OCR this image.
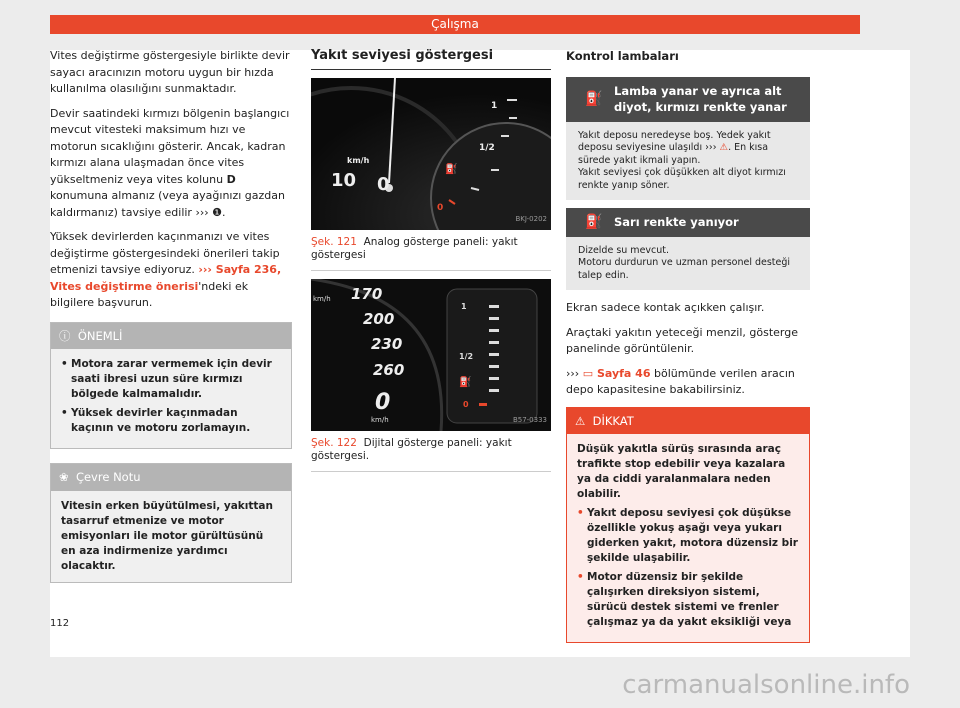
Çalışma

Vites değiştirme göstergesiyle birlikte devir sayacı aracınızın motoru uygun bir hızda kullanılma olasılığını sunmaktadır.

Devir saatindeki kırmızı bölgenin başlangıcı mevcut vitesteki maksimum hızı ve motorun sıcaklığını gösterir. Ancak, kadran kırmızı alana ulaşmadan önce vites yükseltmeniz veya vites kolunu D konumuna almanız (veya ayağınızı gazdan kaldırmanız) tavsiye edilir ››› ❶.

Yüksek devirlerden kaçınmanızı ve vites değiştirme göstergesindeki önerileri takip etmenizi tavsiye ediyoruz. ››› Sayfa 236, Vites değiştirme önerisi'ndeki ek bilgilere başvurun.

ⓘ ÖNEMLİ
• Motora zarar vermemek için devir saati ibresi uzun süre kırmızı bölgede kalmamalıdır.
• Yüksek devirler kaçınmadan kaçının ve motoru zorlamayın.
❀ Çevre Notu
Vitesin erken büyütülmesi, yakıttan tasarruf etmenize ve motor emisyonları ile motor gürültüsünü en aza indirmenize yardımcı olacaktır.
Yakıt seviyesi göstergesi
1
1/2
0
km/h
10 0
⛽
BKJ-0202
Şek. 121 Analog gösterge paneli: yakıt göstergesi
170
200
230
260
0
km/h
km/h
1
1/2
0
⛽
B57-0333
Şek. 122 Dijital gösterge paneli: yakıt göstergesi.
Kontrol lambaları
⛽
Lamba yanar ve ayrıca alt diyot, kırmızı renkte yanar
Yakıt deposu neredeyse boş. Yedek yakıt deposu seviyesine ulaşıldı ››› ⚠. En kısa sürede yakıt ikmali yapın.
Yakıt seviyesi çok düşükken alt diyot kırmızı renkte yanıp söner.
⛽ Sarı renkte yanıyor
Dizelde su mevcut.
Motoru durdurun ve uzman personel desteği talep edin.

Ekran sadece kontak açıkken çalışır.

Araçtaki yakıtın yeteceği menzil, gösterge panelinde görüntülenir.

››› ▭ Sayfa 46 bölümünde verilen aracın depo kapasitesine bakabilirsiniz.

⚠ DİKKAT
Düşük yakıtla sürüş sırasında araç trafikte stop edebilir veya kazalara ya da ciddi yaralanmalara neden olabilir.
• Yakıt deposu seviyesi çok düşükse özellikle yokuş aşağı veya yukarı giderken yakıt, motora düzensiz bir şekilde ulaşabilir.
• Motor düzensiz bir şekilde çalışırken direksiyon sistemi, sürücü destek sistemi ve frenler çalışmaz ya da yakıt eksikliği veya
112
carmanualsonline.info
